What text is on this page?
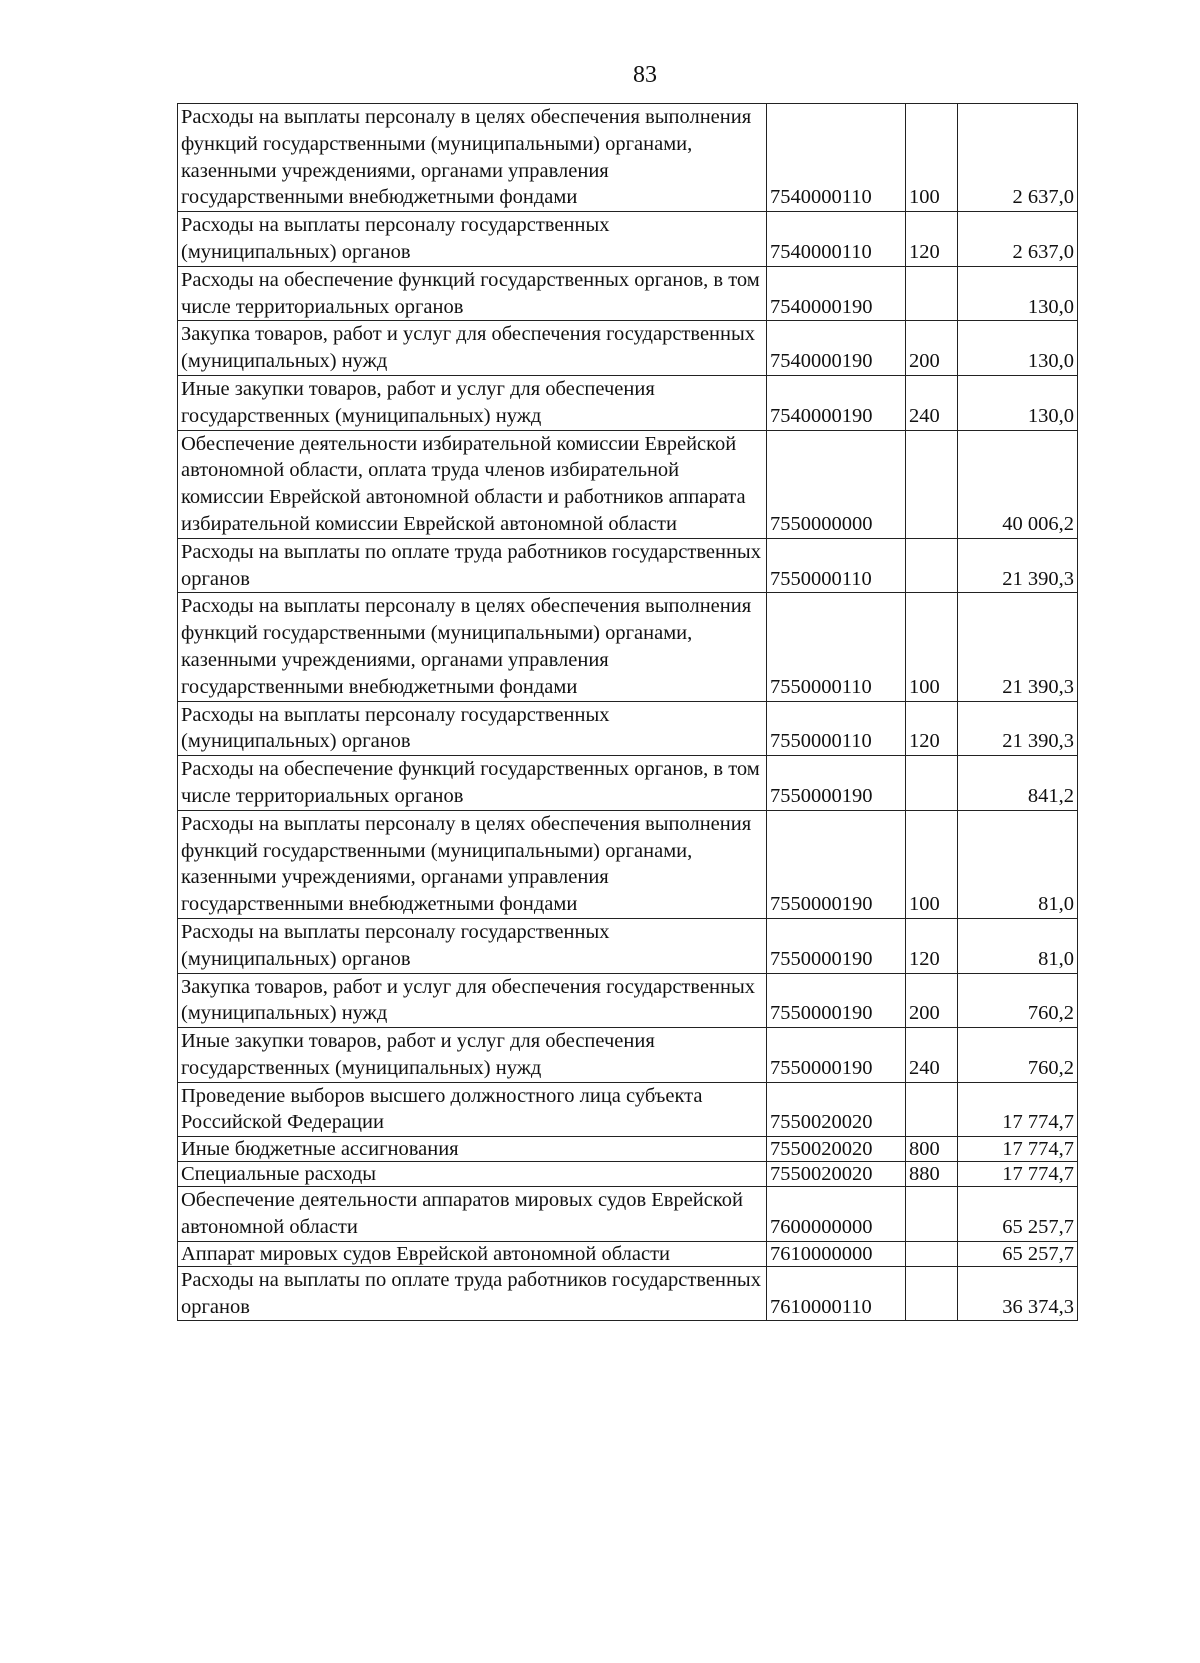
83
Расходы на выплаты персоналу в целях обеспечения выполнения функций государственными (муниципальными) органами, казенными учреждениями, органами управления государственными внебюджетными фондами	7540000110	100	2 637,0
Расходы на выплаты персоналу государственных (муниципальных) органов	7540000110	120	2 637,0
Расходы на обеспечение функций государственных органов, в том числе территориальных органов	7540000190		130,0
Закупка товаров, работ и услуг для обеспечения государственных (муниципальных) нужд	7540000190	200	130,0
Иные закупки товаров, работ и услуг для обеспечения государственных (муниципальных) нужд	7540000190	240	130,0
Обеспечение деятельности избирательной комиссии Еврейской автономной области, оплата труда членов избирательной комиссии Еврейской автономной области и работников аппарата избирательной комиссии Еврейской автономной области	7550000000		40 006,2
Расходы на выплаты по оплате труда работников государственных органов	7550000110		21 390,3
Расходы на выплаты персоналу в целях обеспечения выполнения функций государственными (муниципальными) органами, казенными учреждениями, органами управления государственными внебюджетными фондами	7550000110	100	21 390,3
Расходы на выплаты персоналу государственных (муниципальных) органов	7550000110	120	21 390,3
Расходы на обеспечение функций государственных органов, в том числе территориальных органов	7550000190		841,2
Расходы на выплаты персоналу в целях обеспечения выполнения функций государственными (муниципальными) органами, казенными учреждениями, органами управления государственными внебюджетными фондами	7550000190	100	81,0
Расходы на выплаты персоналу государственных (муниципальных) органов	7550000190	120	81,0
Закупка товаров, работ и услуг для обеспечения государственных (муниципальных) нужд	7550000190	200	760,2
Иные закупки товаров, работ и услуг для обеспечения государственных (муниципальных) нужд	7550000190	240	760,2
Проведение выборов высшего должностного лица субъекта Российской Федерации	7550020020		17 774,7
Иные бюджетные ассигнования	7550020020	800	17 774,7
Специальные расходы	7550020020	880	17 774,7
Обеспечение деятельности аппаратов мировых судов Еврейской автономной области	7600000000		65 257,7
Аппарат мировых судов Еврейской автономной области	7610000000		65 257,7
Расходы на выплаты по оплате труда работников государственных органов	7610000110		36 374,3
